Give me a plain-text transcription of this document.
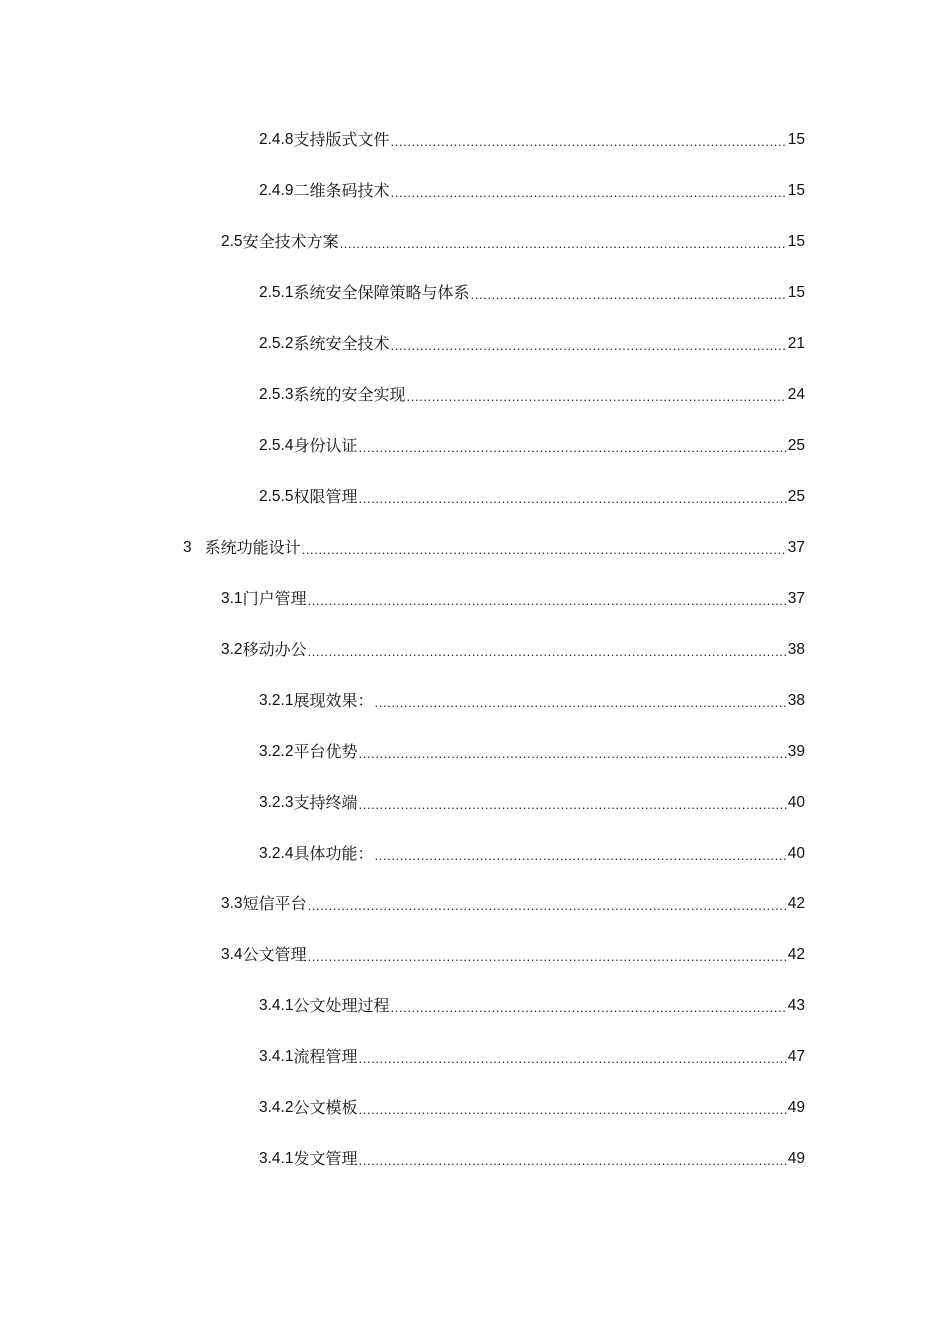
2.4.8 支持版式文件 .....	15
2.4.9 二维条码技术 .....	15
2.5 安全技术方案 .....	15
2.5.1 系统安全保障策略与体系 .....	15
2.5.2 系统安全技术 .....	21
2.5.3 系统的安全实现 .....	24
2.5.4 身份认证 .....	25
2.5.5 权限管理 .....	25
3 系统功能设计 .....	37
3.1 门户管理 .....	37
3.2 移动办公 .....	38
3.2.1 展现效果： .....	38
3.2.2 平台优势 .....	39
3.2.3 支持终端 .....	40
3.2.4 具体功能： .....	40
3.3 短信平台 .....	42
3.4 公文管理 .....	42
3.4.1 公文处理过程 .....	43
3.4.1 流程管理 .....	47
3.4.2 公文模板 .....	49
3.4.1 发文管理 .....	49
